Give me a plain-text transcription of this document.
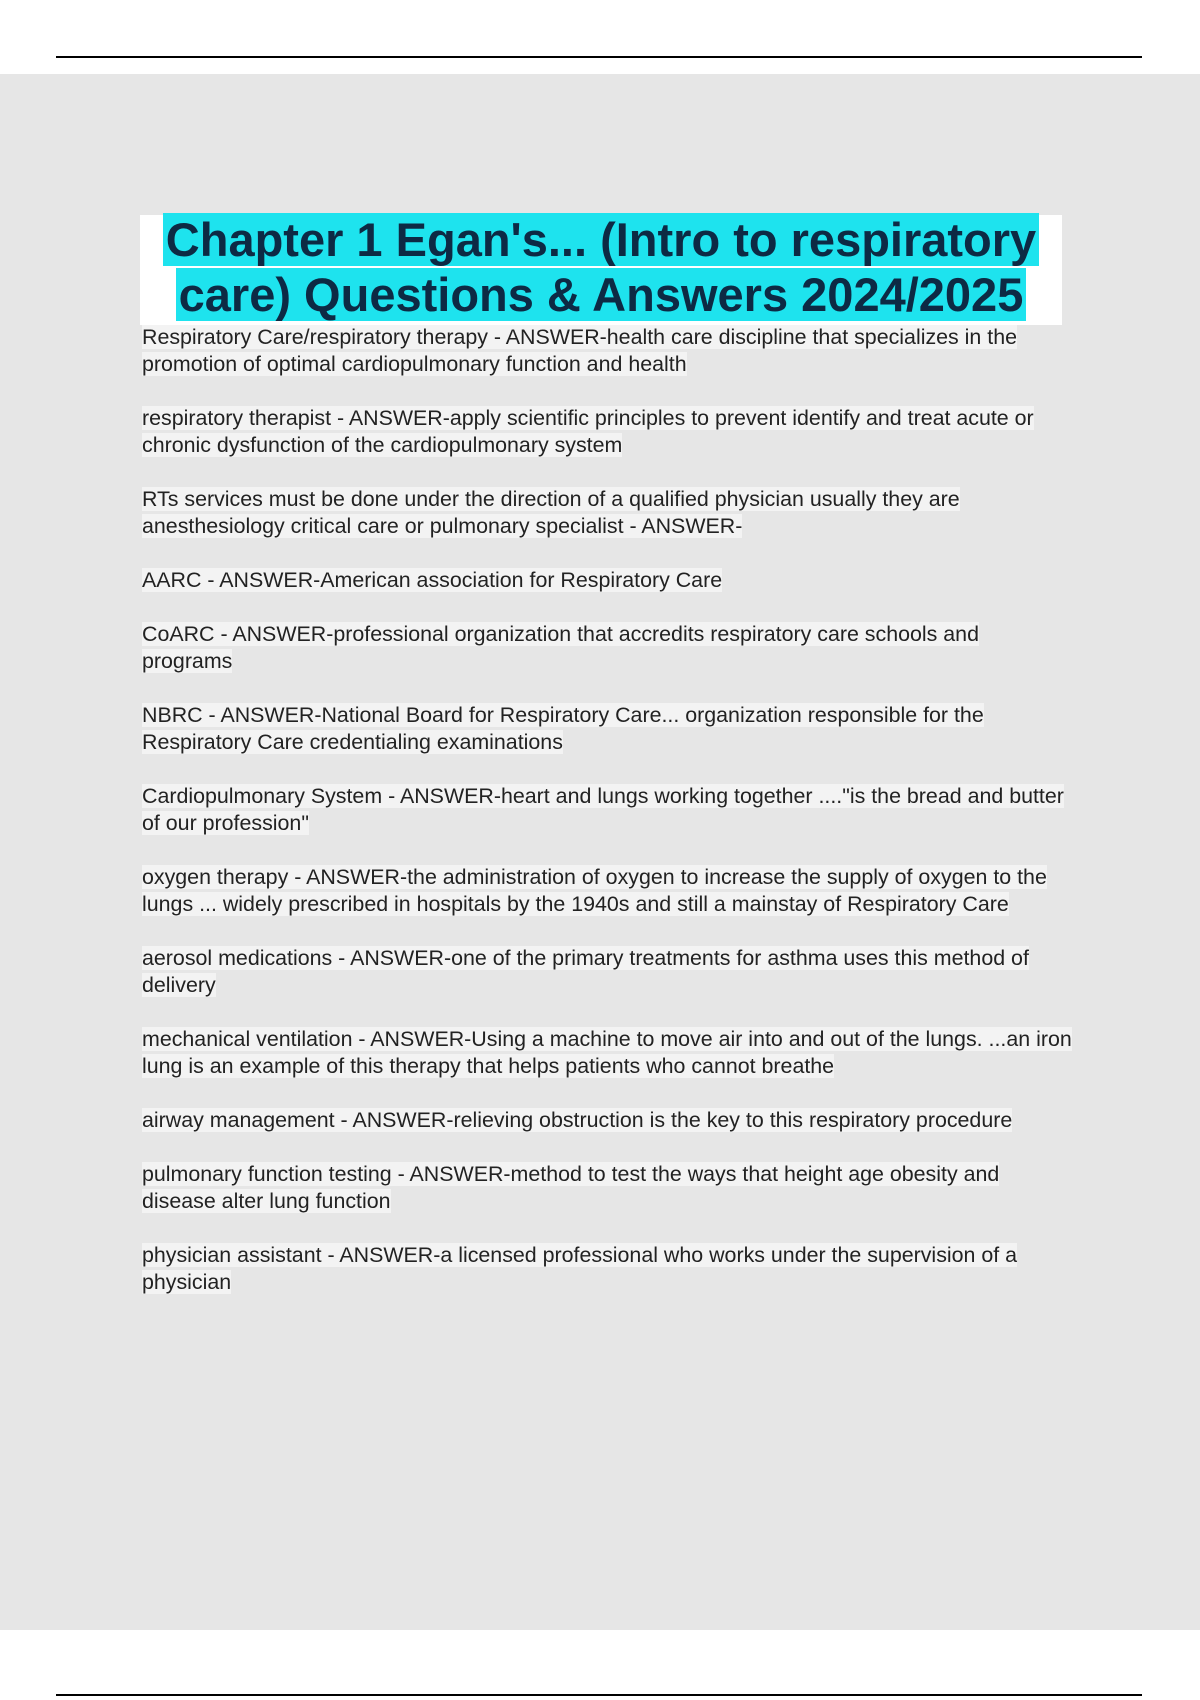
Chapter 1 Egan's... (Intro to respiratory
care) Questions & Answers 2024/2025
Respiratory Care/respiratory therapy - ANSWER-health care discipline that specializes in the promotion of optimal cardiopulmonary function and health
respiratory therapist - ANSWER-apply scientific principles to prevent identify and treat acute or chronic dysfunction of the cardiopulmonary system
RTs services must be done under the direction of a qualified physician usually they are anesthesiology critical care or pulmonary specialist - ANSWER-
AARC - ANSWER-American association for Respiratory Care
CoARC - ANSWER-professional organization that accredits respiratory care schools and programs
NBRC - ANSWER-National Board for Respiratory Care... organization responsible for the Respiratory Care credentialing examinations
Cardiopulmonary System - ANSWER-heart and lungs working together ...."is the bread and butter of our profession"
oxygen therapy - ANSWER-the administration of oxygen to increase the supply of oxygen to the lungs ... widely prescribed in hospitals by the 1940s and still a mainstay of Respiratory Care
aerosol medications - ANSWER-one of the primary treatments for asthma uses this method of delivery
mechanical ventilation - ANSWER-Using a machine to move air into and out of the lungs. ...an iron lung is an example of this therapy that helps patients who cannot breathe
airway management - ANSWER-relieving obstruction is the key to this respiratory procedure
pulmonary function testing - ANSWER-method to test the ways that height age obesity and disease alter lung function
physician assistant - ANSWER-a licensed professional who works under the supervision of a physician
